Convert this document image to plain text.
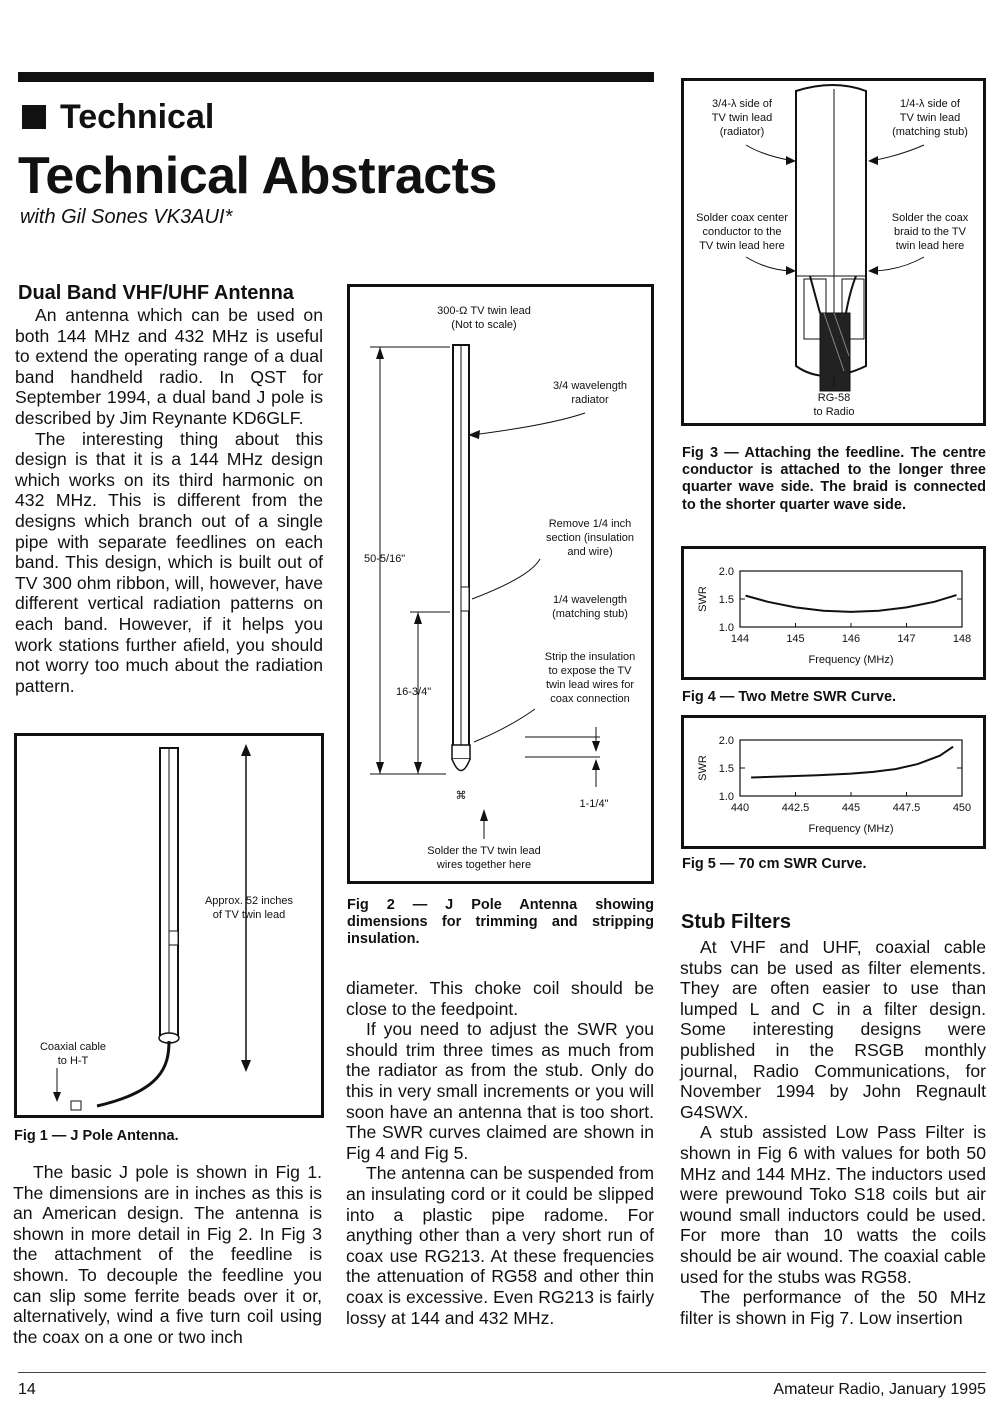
Technical
Technical Abstracts
with Gil Sones VK3AUI*
Dual Band VHF/UHF Antenna

An antenna which can be used on both 144 MHz and 432 MHz is useful to extend the operating range of a dual band handheld radio. In QST for September 1994, a dual band J pole is described by Jim Reynante KD6GLF.

The interesting thing about this design is that it is a 144 MHz design which works on its third harmonic on 432 MHz. This is different from the designs which branch out of a single pipe with separate feedlines on each band. This design, which is built out of TV 300 ohm ribbon, will, however, have different vertical radiation patterns on each band. However, if it helps you work stations further afield, you should not worry too much about the radiation pattern.

Approx. 52 inches
of TV twin lead
Coaxial cable
to H-T
Fig 1 — J Pole Antenna.

The basic J pole is shown in Fig 1. The dimensions are in inches as this is an American design. The antenna is shown in more detail in Fig 2. In Fig 3 the attachment of the feedline is shown. To decouple the feedline you can slip some ferrite beads over it or, alternatively, wind a five turn coil using the coax on a one or two inch

300-Ω TV twin lead
(Not to scale)
⌘
50-5/16"
16-3/4"
3/4 wavelength
radiator
Remove 1/4 inch
section (insulation
and wire)
1/4 wavelength
(matching stub)
Strip the insulation
to expose the TV
twin lead wires for
coax connection
1-1/4"
Solder the TV twin lead
wires together here
Fig 2 — J Pole Antenna showing dimensions for trimming and stripping insulation.

diameter. This choke coil should be close to the feedpoint.

If you need to adjust the SWR you should trim three times as much from the radiator as from the stub. Only do this in very small increments or you will soon have an antenna that is too short. The SWR curves claimed are shown in Fig 4 and Fig 5.

The antenna can be suspended from an insulating cord or it could be slipped into a plastic pipe radome. For anything other than a very short run of coax use RG213. At these frequencies the attenuation of RG58 and other thin coax is excessive. Even RG213 is fairly lossy at 144 and 432 MHz.

3/4-λ side of
TV twin lead
(radiator)
1/4-λ side of
TV twin lead
(matching stub)
Solder coax center
conductor to the
TV twin lead here
Solder the coax
braid to the TV
twin lead here
RG-58
to Radio
Fig 3 — Attaching the feedline. The centre conductor is attached to the longer three quarter wave side. The braid is connected to the shorter quarter wave side.
2.0
1.5
1.0
144	145	146	147	148
SWR
Frequency (MHz)
Fig 4 — Two Metre SWR Curve.
2.0
1.5
1.0
440	442.5	445	447.5	450
SWR
Frequency (MHz)
Fig 5 — 70 cm SWR Curve.
Stub Filters

At VHF and UHF, coaxial cable stubs can be used as filter elements. They are often easier to use than lumped L and C in a filter design. Some interesting designs were published in the RSGB monthly journal, Radio Communications, for November 1994 by John Regnault G4SWX.

A stub assisted Low Pass Filter is shown in Fig 6 with values for both 50 MHz and 144 MHz. The inductors used were prewound Toko S18 coils but air wound small inductors could be used. For more than 10 watts the coils should be air wound. The coaxial cable used for the stubs was RG58.

The performance of the 50 MHz filter is shown in Fig 7. Low insertion

14	Amateur Radio, January 1995
